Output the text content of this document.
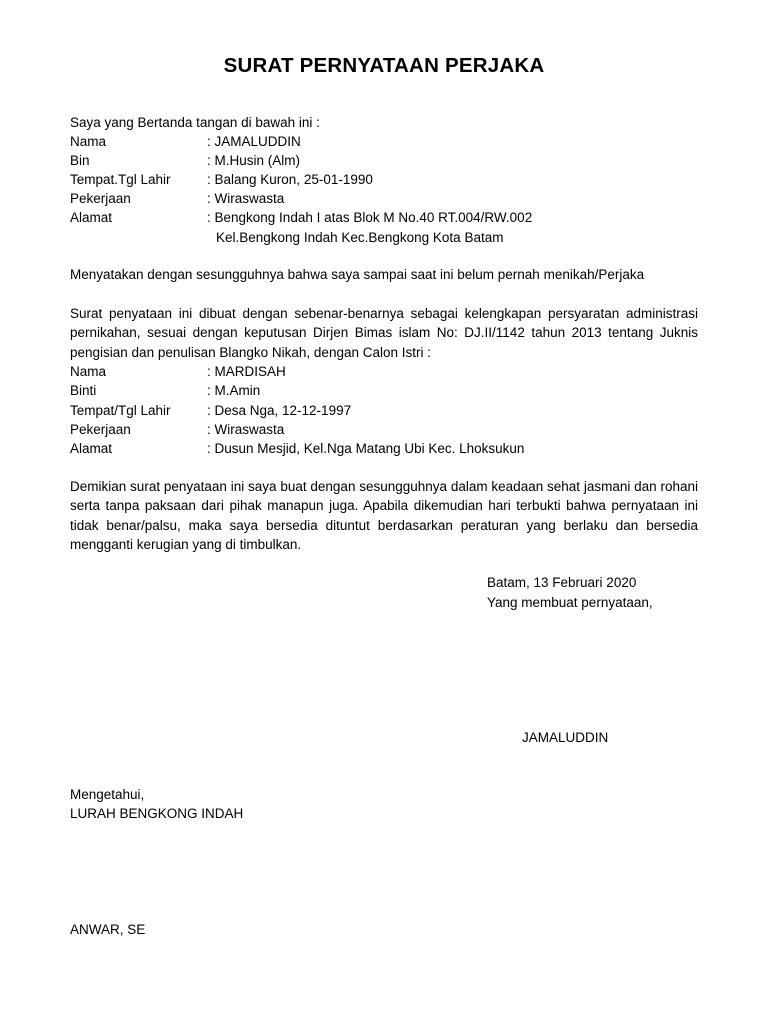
SURAT PERNYATAAN PERJAKA
Saya yang Bertanda tangan di bawah ini :
Nama	: JAMALUDDIN
Bin	: M.Husin (Alm)
Tempat.Tgl Lahir	: Balang Kuron, 25-01-1990
Pekerjaan	: Wiraswasta
Alamat	: Bengkong Indah I atas Blok M No.40 RT.004/RW.002
Kel.Bengkong Indah Kec.Bengkong Kota Batam
Menyatakan dengan sesungguhnya bahwa saya sampai saat ini belum pernah menikah/Perjaka
Surat penyataan ini dibuat dengan sebenar-benarnya sebagai kelengkapan persyaratan administrasi pernikahan, sesuai dengan keputusan Dirjen Bimas islam No: DJ.II/1142 tahun 2013 tentang Juknis pengisian dan penulisan Blangko Nikah, dengan Calon Istri :
Nama	: MARDISAH
Binti	: M.Amin
Tempat/Tgl Lahir	: Desa Nga, 12-12-1997
Pekerjaan	: Wiraswasta
Alamat	: Dusun Mesjid, Kel.Nga Matang Ubi Kec. Lhoksukun
Demikian surat penyataan ini saya buat dengan sesungguhnya dalam keadaan sehat jasmani dan rohani serta tanpa paksaan dari pihak manapun juga. Apabila dikemudian hari terbukti bahwa pernyataan ini tidak benar/palsu, maka saya bersedia dituntut berdasarkan peraturan yang berlaku dan bersedia mengganti kerugian yang di timbulkan.
Batam, 13 Februari 2020
Yang membuat pernyataan,
JAMALUDDIN
Mengetahui,
LURAH BENGKONG INDAH
ANWAR, SE
